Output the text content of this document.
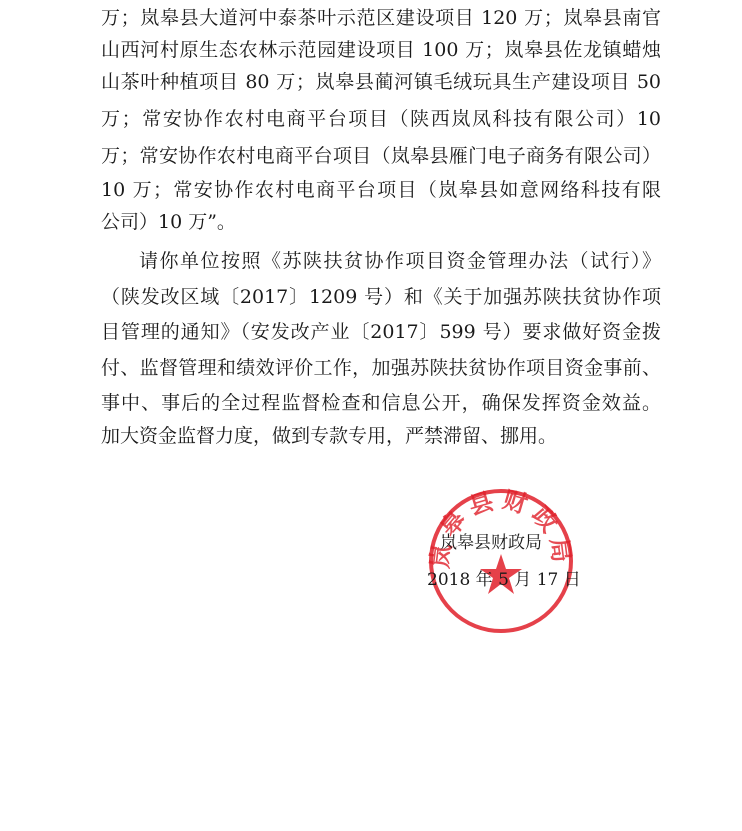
万；岚皋县大道河中泰茶叶示范区建设项目 120 万；岚皋县南官
山西河村原生态农林示范园建设项目 100 万；岚皋县佐龙镇蜡烛
山茶叶种植项目 80 万；岚皋县蔺河镇毛绒玩具生产建设项目 50
万；常安协作农村电商平台项目（陕西岚凤科技有限公司）10
万；常安协作农村电商平台项目（岚皋县雁门电子商务有限公司）
10 万；常安协作农村电商平台项目（岚皋县如意网络科技有限
公司）10 万”。
请你单位按照《苏陕扶贫协作项目资金管理办法（试行）》
（陕发改区域〔2017〕1209 号）和《关于加强苏陕扶贫协作项
目管理的通知》（安发改产业〔2017〕599 号）要求做好资金拨
付、监督管理和绩效评价工作，加强苏陕扶贫协作项目资金事前、
事中、事后的全过程监督检查和信息公开，确保发挥资金效益。
加大资金监督力度，做到专款专用，严禁滞留、挪用。
岚皋县财政局
岚皋县财政局
2018 年 5 月 17 日
